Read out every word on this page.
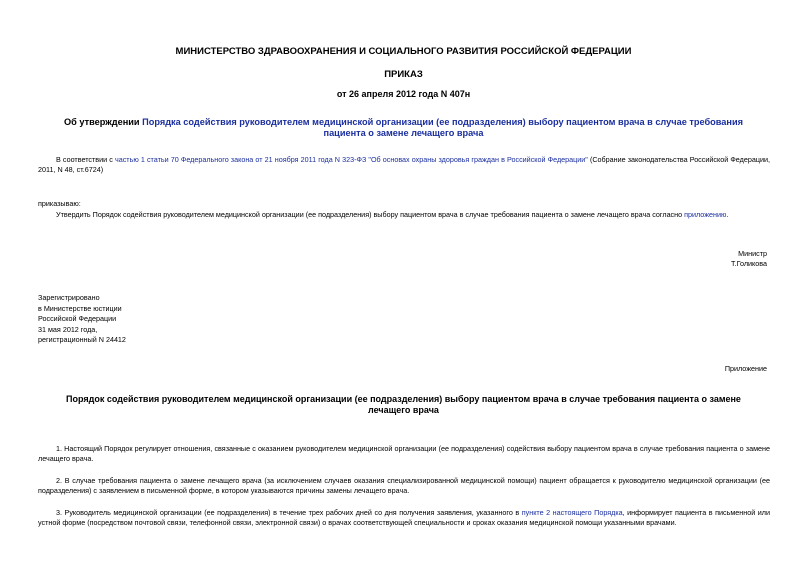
МИНИСТЕРСТВО ЗДРАВООХРАНЕНИЯ И СОЦИАЛЬНОГО РАЗВИТИЯ РОССИЙСКОЙ ФЕДЕРАЦИИ
ПРИКАЗ
от 26 апреля 2012 года N 407н
Об утверждении Порядка содействия руководителем медицинской организации (ее подразделения) выбору пациентом врача в случае требования пациента о замене лечащего врача
В соответствии с частью 1 статьи 70 Федерального закона от 21 ноября 2011 года N 323-ФЗ "Об основах охраны здоровья граждан в Российской Федерации" (Собрание законодательства Российской Федерации, 2011, N 48, ст.6724)
приказываю:
Утвердить Порядок содействия руководителем медицинской организации (ее подразделения) выбору пациентом врача в случае требования пациента о замене лечащего врача согласно приложению.
Министр
Т.Голикова
Зарегистрировано
в Министерстве юстиции
Российской Федерации
31 мая 2012 года,
регистрационный N 24412
Приложение
Порядок содействия руководителем медицинской организации (ее подразделения) выбору пациентом врача в случае требования пациента о замене лечащего врача
1. Настоящий Порядок регулирует отношения, связанные с оказанием руководителем медицинской организации (ее подразделения) содействия выбору пациентом врача в случае требования пациента о замене лечащего врача.
2. В случае требования пациента о замене лечащего врача (за исключением случаев оказания специализированной медицинской помощи) пациент обращается к руководителю медицинской организации (ее подразделения) с заявлением в письменной форме, в котором указываются причины замены лечащего врача.
3. Руководитель медицинской организации (ее подразделения) в течение трех рабочих дней со дня получения заявления, указанного в пункте 2 настоящего Порядка, информирует пациента в письменной или устной форме (посредством почтовой связи, телефонной связи, электронной связи) о врачах соответствующей специальности и сроках оказания медицинской помощи указанными врачами.
